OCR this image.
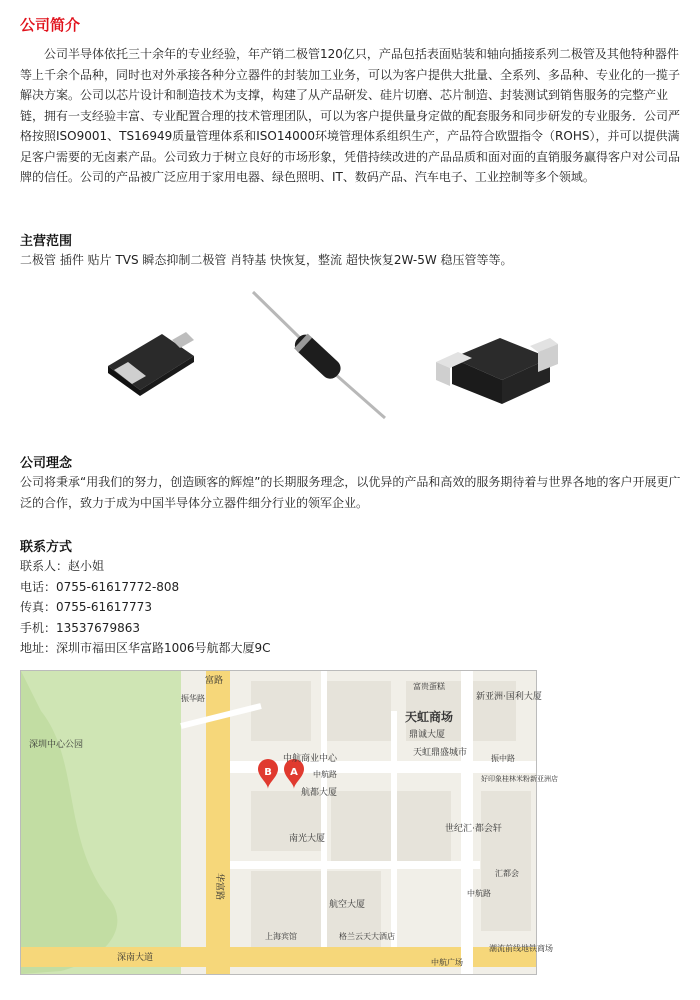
公司简介

公司半导体依托三十余年的专业经验，年产销二极管120亿只，产品包括表面贴装和轴向插接系列二极管及其他特种器件等上千余个品种，同时也对外承接各种分立器件的封装加工业务，可以为客户提供大批量、全系列、多品种、专业化的一揽子解决方案。公司以芯片设计和制造技术为支撑，构建了从产品研发、硅片切磨、芯片制造、封装测试到销售服务的完整产业链，拥有一支经验丰富、专业配置合理的技术管理团队，可以为客户提供量身定做的配套服务和同步研发的专业服务．公司严格按照ISO9001、TS16949质量管理体系和ISO14000环境管理体系组织生产，产品符合欧盟指令（ROHS），并可以提供满足客户需要的无卤素产品。公司致力于树立良好的市场形象，凭借持续改进的产品品质和面对面的直销服务赢得客户对公司品牌的信任。公司的产品被广泛应用于家用电器、绿色照明、IT、数码产品、汽车电子、工业控制等多个领域。

主营范围

二极管 插件 贴片 TVS 瞬态抑制二极管 肖特基 快恢复，整流 超快恢复2W-5W 稳压管等等。

公司理念

公司将秉承“用我们的努力，创造顾客的辉煌”的长期服务理念，以优异的产品和高效的服务期待着与世界各地的客户开展更广泛的合作，致力于成为中国半导体分立器件细分行业的领军企业。

联系方式
联系人：赵小姐
电话：0755-61617772-808
传真：0755-61617773
手机：13537679863
地址：深圳市福田区华富路1006号航都大厦9C
B A
深圳中心公园
富路
振华路
华富路
深南大道
富贵蛋糕
新亚洲·国利大厦
天虹商场
鼎诚大厦
天虹鼎盛城市
中航商业中心
中航路
航都大厦
振中路
好印象桂林米粉新亚洲店
世纪汇·都会轩
南光大厦
航空大厦
上海宾馆	格兰云天大酒店
汇都会
中航路
潮流前线地铁商场
中航广场
